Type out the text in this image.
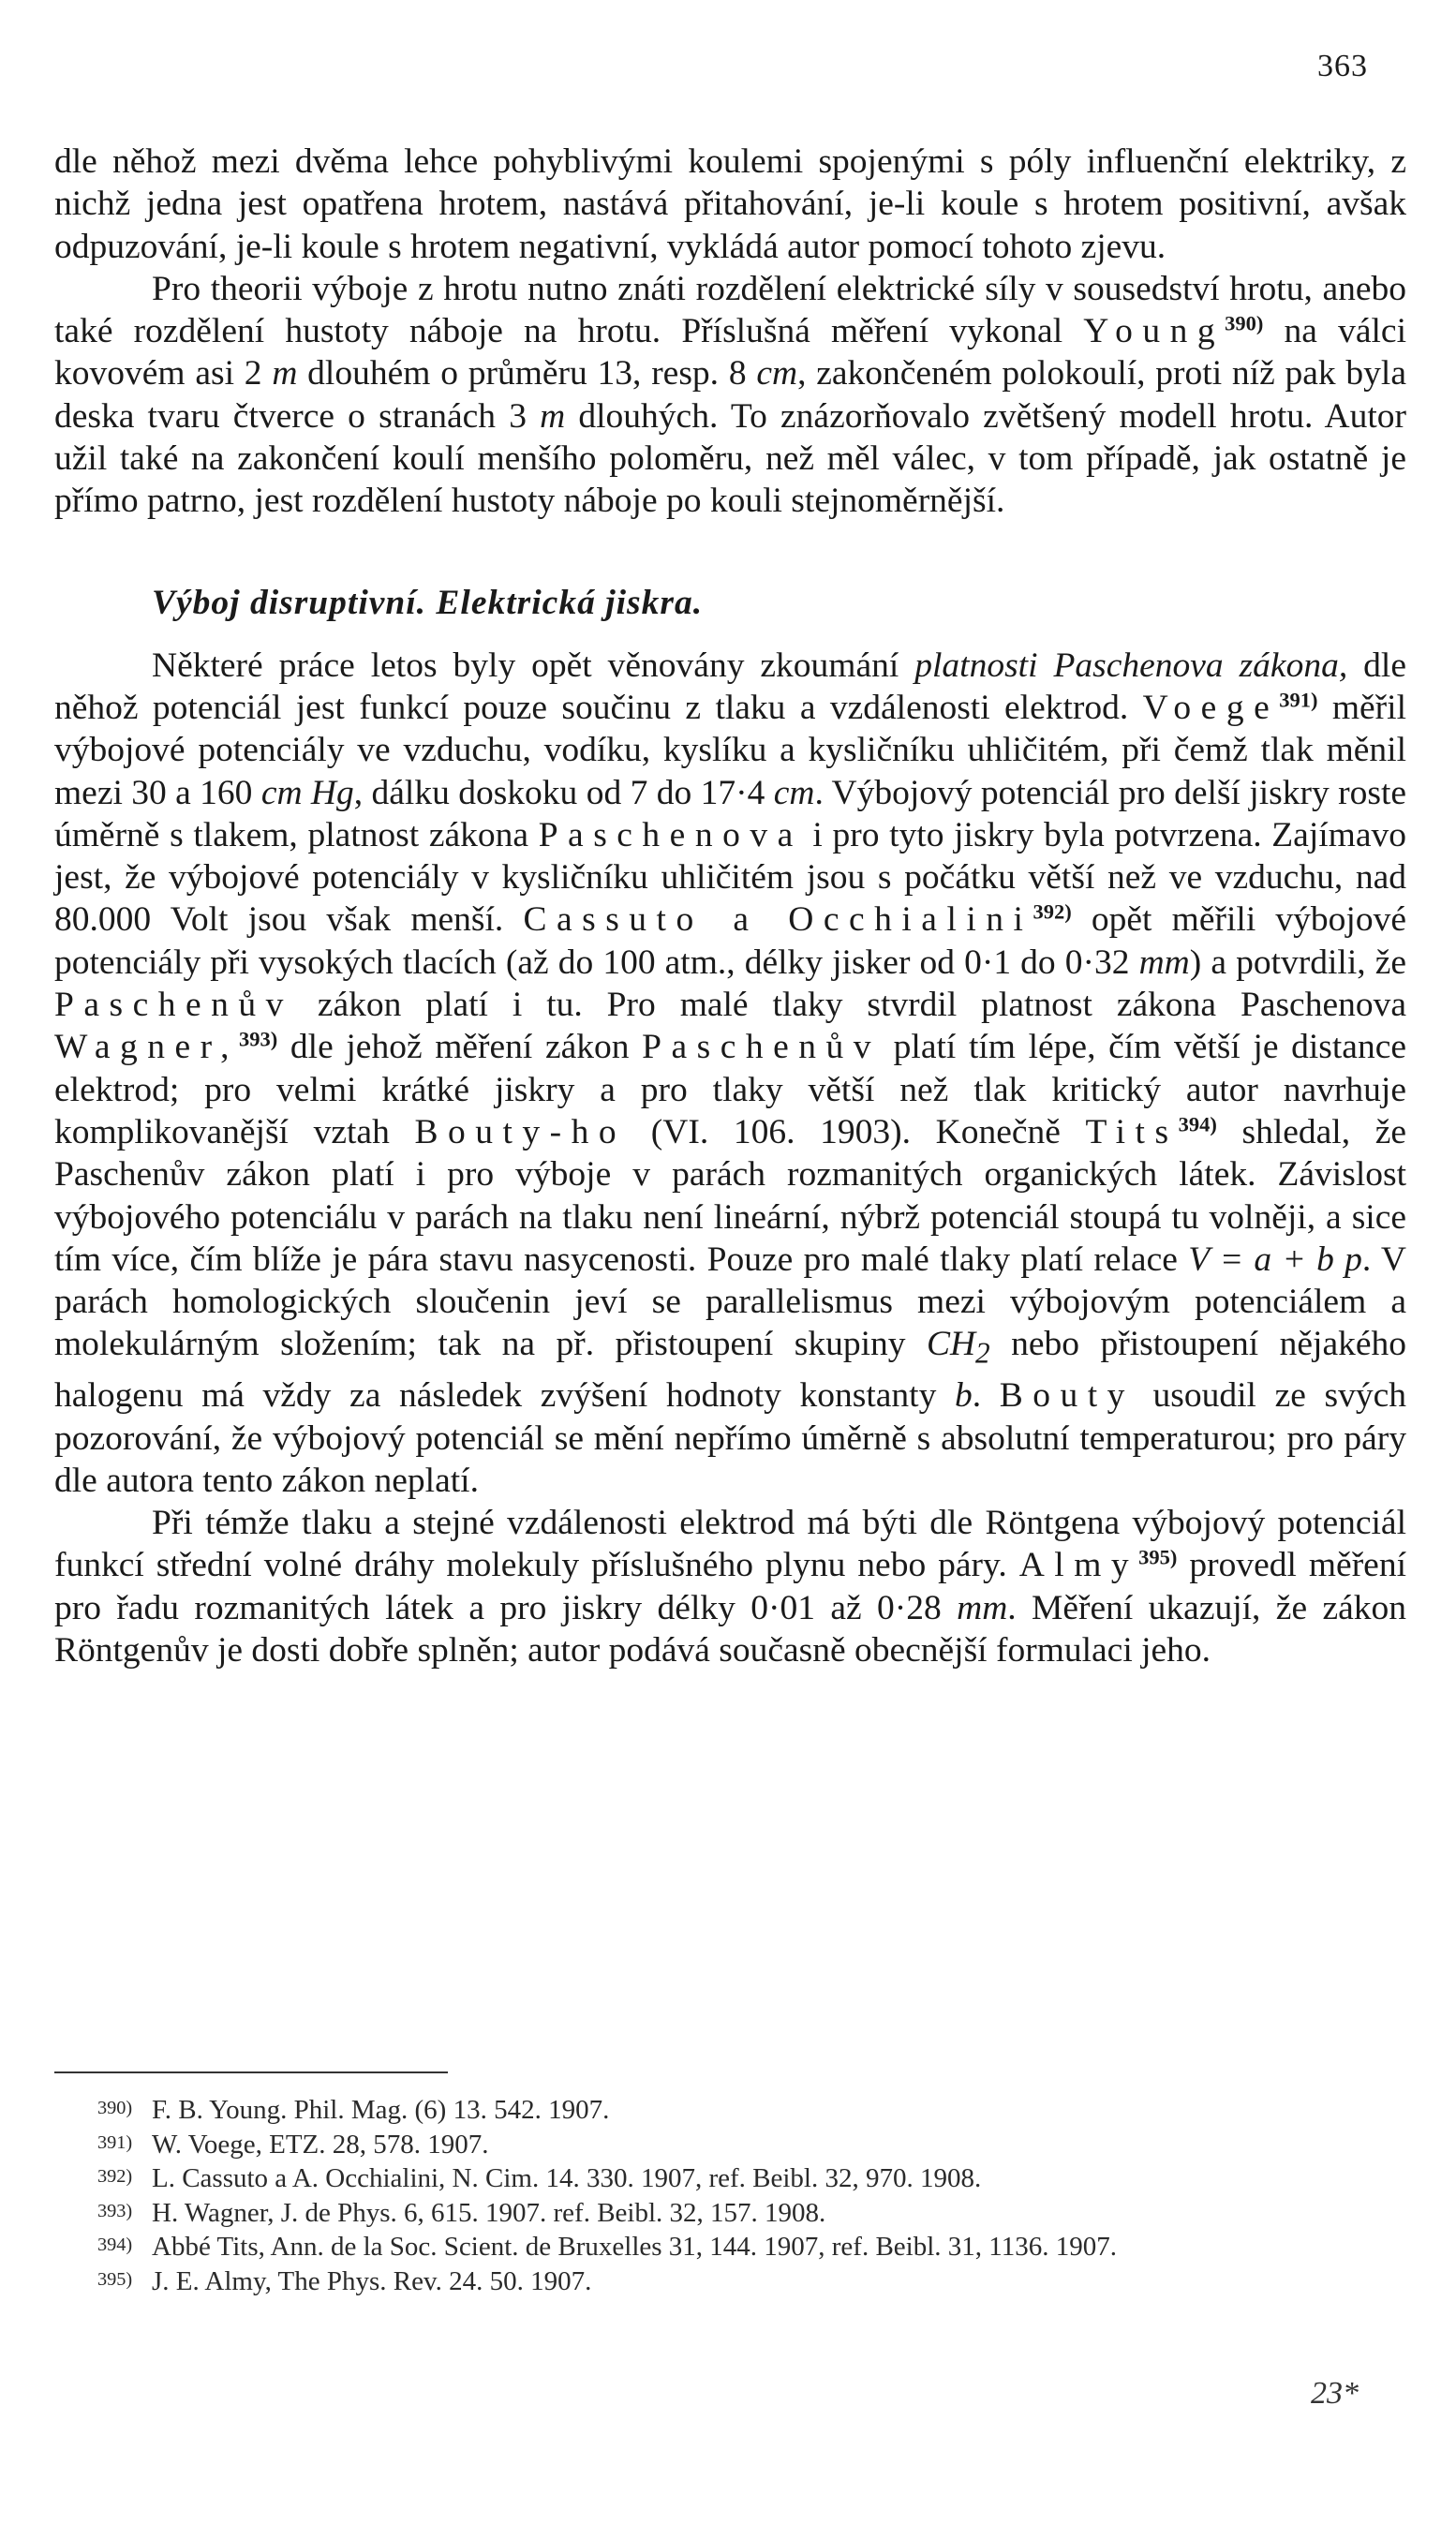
363

dle něhož mezi dvěma lehce pohyblivými koulemi spojenými s póly influenční elektriky, z nichž jedna jest opatřena hrotem, nastává přitahování, je-li koule s hrotem positivní, avšak odpuzování, je-li koule s hrotem negativní, vykládá autor pomocí tohoto zjevu.

Pro theorii výboje z hrotu nutno znáti rozdělení elektrické síly v sousedství hrotu, anebo také rozdělení hustoty náboje na hrotu. Příslušná měření vykonal Young$^{390)}$ na válci kovovém asi 2 m dlouhém o průměru 13, resp. 8 cm, zakončeném polokoulí, proti níž pak byla deska tvaru čtverce o stranách 3 m dlouhých. To znázorňovalo zvětšený modell hrotu. Autor užil také na zakončení koulí menšího poloměru, než měl válec, v tom případě, jak ostatně je přímo patrno, jest rozdělení hustoty náboje po kouli stejnoměrnější.

Výboj disruptivní. Elektrická jiskra.

Některé práce letos byly opět věnovány zkoumání platnosti Paschenova zákona, dle něhož potenciál jest funkcí pouze součinu z tlaku a vzdálenosti elektrod. Voege$^{391)}$ měřil výbojové potenciály ve vzduchu, vodíku, kyslíku a kysličníku uhličitém, při čemž tlak měnil mezi 30 a 160 cm Hg, dálku doskoku od 7 do 17·4 cm. Výbojový potenciál pro delší jiskry roste úměrně s tlakem, platnost zákona Paschenova i pro tyto jiskry byla potvrzena. Zajímavo jest, že výbojové potenciály v kysličníku uhličitém jsou s počátku větší než ve vzduchu, nad 80.000 Volt jsou však menší. Cassuto a Occhialini$^{392)}$ opět měřili výbojové potenciály při vysokých tlacích (až do 100 atm., délky jisker od 0·1 do 0·32 mm) a potvrdili, že Paschenův zákon platí i tu. Pro malé tlaky stvrdil platnost zákona Paschenova Wagner,$^{393)}$ dle jehož měření zákon Paschenův platí tím lépe, čím větší je distance elektrod; pro velmi krátké jiskry a pro tlaky větší než tlak kritický autor navrhuje komplikovanější vztah Bouty-ho (VI. 106. 1903). Konečně Tits$^{394)}$ shledal, že Paschenův zákon platí i pro výboje v parách rozmanitých organických látek. Závislost výbojového potenciálu v parách na tlaku není lineární, nýbrž potenciál stoupá tu volněji, a sice tím více, čím blíže je pára stavu nasycenosti. Pouze pro malé tlaky platí relace V = a + b p. V parách homologických sloučenin jeví se parallelismus mezi výbojovým potenciálem a molekulárným složením; tak na př. přistoupení skupiny $CH_2$ nebo přistoupení nějakého halogenu má vždy za následek zvýšení hodnoty konstanty b. Bouty usoudil ze svých pozorování, že výbojový potenciál se mění nepřímo úměrně s absolutní temperaturou; pro páry dle autora tento zákon neplatí.

Při témže tlaku a stejné vzdálenosti elektrod má býti dle Röntgena výbojový potenciál funkcí střední volné dráhy molekuly příslušného plynu nebo páry. Almy$^{395)}$ provedl měření pro řadu rozmanitých látek a pro jiskry délky 0·01 až 0·28 mm. Měření ukazují, že zákon Röntgenův je dosti dobře splněn; autor podává současně obecnější formulaci jeho.

390) F. B. Young. Phil. Mag. (6) 13. 542. 1907.

391) W. Voege, ETZ. 28, 578. 1907.

392) L. Cassuto a A. Occhialini, N. Cim. 14. 330. 1907, ref. Beibl. 32, 970. 1908.

393) H. Wagner, J. de Phys. 6, 615. 1907. ref. Beibl. 32, 157. 1908.

394) Abbé Tits, Ann. de la Soc. Scient. de Bruxelles 31, 144. 1907, ref. Beibl. 31, 1136. 1907.

395) J. E. Almy, The Phys. Rev. 24. 50. 1907.

23*
